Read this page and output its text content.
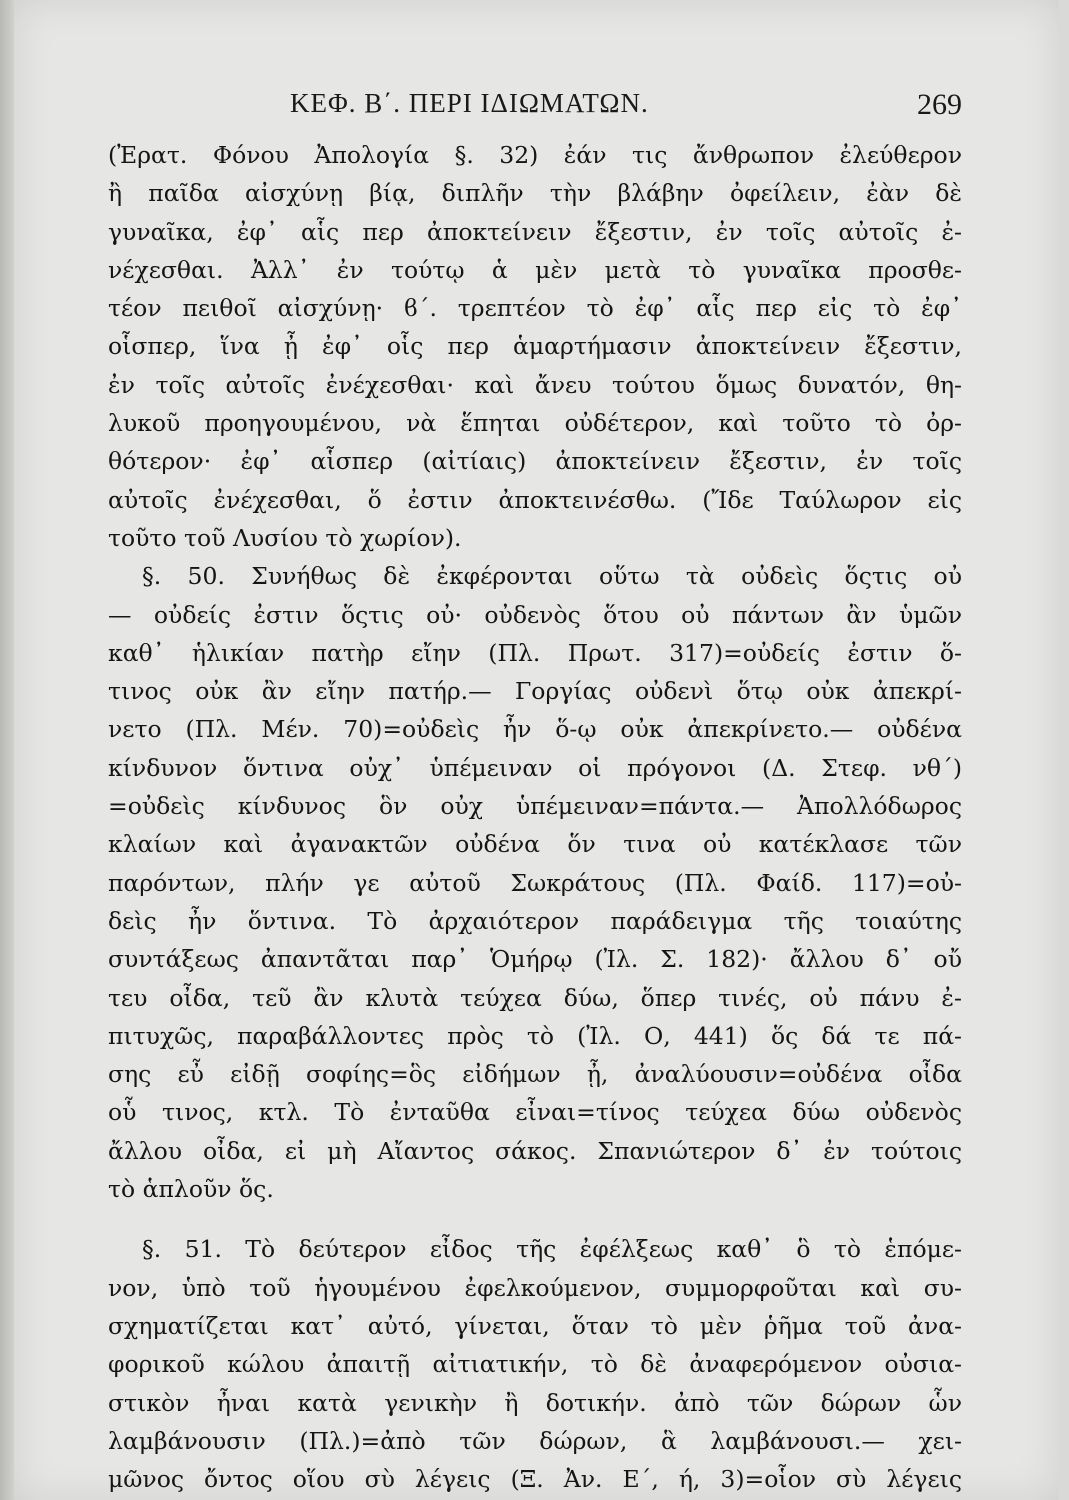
ΚΕΦ. Β΄. ΠΕΡΙ ΙΔΙΩΜΑΤΩΝ.	269
(Ἐρατ. Φόνου Ἀπολογία §. 32) ἐάν τις ἄνθρωπον ἐλεύθερον
ἢ παῖδα αἰσχύνῃ βίᾳ, διπλῆν τὴν βλάβην ὀφείλειν, ἐὰν δὲ
γυναῖκα, ἐφ᾽ αἷς περ ἀποκτείνειν ἔξεστιν, ἐν τοῖς αὐτοῖς ἐ-
νέχεσθαι. Ἀλλ᾽ ἐν τούτῳ ἁ μὲν μετὰ τὸ γυναῖκα προσθε-
τέον πειθοῖ αἰσχύνῃ· ϐ΄. τρεπτέον τὸ ἐφ᾽ αἷς περ εἰς τὸ ἐφ᾽
οἷσπερ, ἵνα ᾖ ἐφ᾽ οἷς περ ἁμαρτήμασιν ἀποκτείνειν ἔξεστιν,
ἐν τοῖς αὐτοῖς ἐνέχεσθαι· καὶ ἄνευ τούτου ὅμως δυνατόν, θη-
λυκοῦ προηγουμένου, νὰ ἕπηται οὐδέτερον, καὶ τοῦτο τὸ ὀρ-
θότερον· ἐφ᾽ αἷσπερ (αἰτίαις) ἀποκτείνειν ἔξεστιν, ἐν τοῖς
αὐτοῖς ἐνέχεσθαι, ὅ ἐστιν ἀποκτεινέσθω. (Ἴδε Ταύλωρον εἰς
τοῦτο τοῦ Λυσίου τὸ χωρίον).
§. 50. Συνήθως δὲ ἐκφέρονται οὕτω τὰ οὐδεὶς ὅςτις οὐ
— οὐδείς ἐστιν ὅςτις οὐ· οὐδενὸς ὅτου οὐ πάντων ἂν ὑμῶν
καθ᾽ ἡλικίαν πατὴρ εἴην (Πλ. Πρωτ. 317)=οὐδείς ἐστιν ὅ-
τινος οὐκ ἂν εἴην πατήρ.— Γοργίας οὐδενὶ ὅτῳ οὐκ ἀπεκρί-
νετο (Πλ. Μέν. 70)=οὐδεὶς ἦν ὅ-ῳ οὐκ ἀπεκρίνετο.— οὐδένα
κίνδυνον ὅντινα οὐχ᾽ ὑπέμειναν οἱ πρόγονοι (Δ. Στεφ. νθ΄)
=οὐδεὶς κίνδυνος ὃν οὐχ ὑπέμειναν=πάντα.— Ἀπολλόδωρος
κλαίων καὶ ἀγανακτῶν οὐδένα ὅν τινα οὐ κατέκλασε τῶν
παρόντων, πλήν γε αὐτοῦ Σωκράτους (Πλ. Φαίδ. 117)=οὐ-
δεὶς ἦν ὅντινα. Τὸ ἀρχαιότερον παράδειγμα τῆς τοιαύτης
συντάξεως ἀπαντᾶται παρ᾽ Ὁμήρῳ (Ἰλ. Σ. 182)· ἄλλου δ᾽ οὔ
τευ οἶδα, τεῦ ἂν κλυτὰ τεύχεα δύω, ὅπερ τινές, οὐ πάνυ ἐ-
πιτυχῶς, παραβάλλοντες πρὸς τὸ (Ἰλ. Ο, 441) ὅς δά τε πά-
σης εὖ εἰδῇ σοφίης=ὃς εἰδήμων ᾖ, ἀναλύουσιν=οὐδένα οἶδα
οὗ τινος, κτλ. Τὸ ἐνταῦθα εἶναι=τίνος τεύχεα δύω οὐδενὸς
ἄλλου οἶδα, εἰ μὴ Αἴαντος σάκος. Σπανιώτερον δ᾽ ἐν τούτοις
τὸ ἁπλοῦν ὅς.
§. 51. Τὸ δεύτερον εἶδος τῆς ἐφέλξεως καθ᾽ ὃ τὸ ἑπόμε-
νον, ὑπὸ τοῦ ἡγουμένου ἐφελκούμενον, συμμορφοῦται καὶ συ-
σχηματίζεται κατ᾽ αὐτό, γίνεται, ὅταν τὸ μὲν ῥῆμα τοῦ ἀνα-
φορικοῦ κώλου ἀπαιτῇ αἰτιατικήν, τὸ δὲ ἀναφερόμενον οὐσια-
στικὸν ἦναι κατὰ γενικὴν ἢ δοτικήν. ἀπὸ τῶν δώρων ὧν
λαμβάνουσιν (Πλ.)=ἀπὸ τῶν δώρων, ἃ λαμβάνουσι.— χει-
μῶνος ὄντος οἵου σὺ λέγεις (Ξ. Ἀν. Ε΄, ή, 3)=οἷον σὺ λέγεις
